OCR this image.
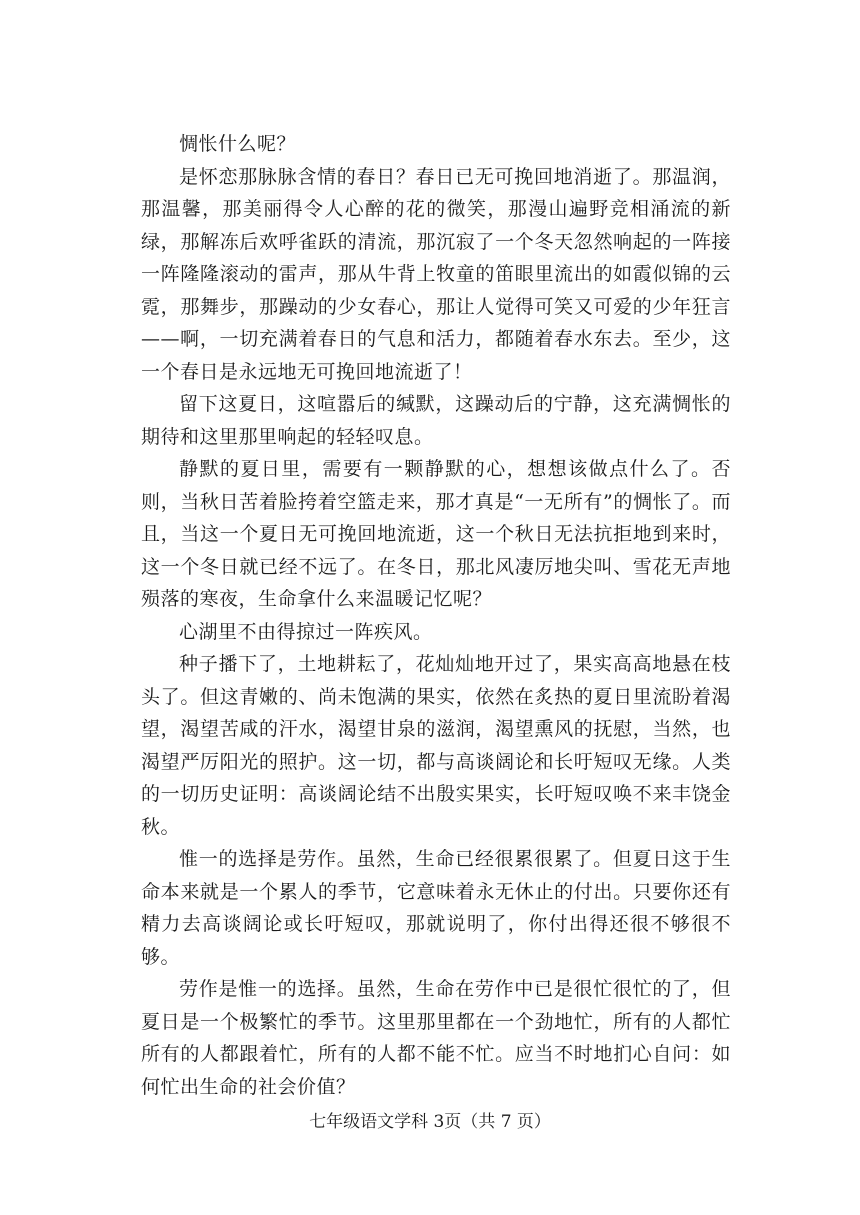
惆怅什么呢？

是怀恋那脉脉含情的春日？春日已无可挽回地消逝了。那温润，那温馨，那美丽得令人心醉的花的微笑，那漫山遍野竞相涌流的新绿，那解冻后欢呼雀跃的清流，那沉寂了一个冬天忽然响起的一阵接一阵隆隆滚动的雷声，那从牛背上牧童的笛眼里流出的如霞似锦的云霓，那舞步，那躁动的少女春心，那让人觉得可笑又可爱的少年狂言——啊，一切充满着春日的气息和活力，都随着春水东去。至少，这一个春日是永远地无可挽回地流逝了！

留下这夏日，这喧嚣后的缄默，这躁动后的宁静，这充满惆怅的期待和这里那里响起的轻轻叹息。

静默的夏日里，需要有一颗静默的心，想想该做点什么了。否则，当秋日苦着脸挎着空篮走来，那才真是“一无所有”的惆怅了。而且，当这一个夏日无可挽回地流逝，这一个秋日无法抗拒地到来时，这一个冬日就已经不远了。在冬日，那北风凄厉地尖叫、雪花无声地殒落的寒夜，生命拿什么来温暖记忆呢？

心湖里不由得掠过一阵疾风。

种子播下了，土地耕耘了，花灿灿地开过了，果实高高地悬在枝头了。但这青嫩的、尚未饱满的果实，依然在炙热的夏日里流盼着渴望，渴望苦咸的汗水，渴望甘泉的滋润，渴望熏风的抚慰，当然，也渴望严厉阳光的照护。这一切，都与高谈阔论和长吁短叹无缘。人类的一切历史证明：高谈阔论结不出殷实果实，长吁短叹唤不来丰饶金秋。

惟一的选择是劳作。虽然，生命已经很累很累了。但夏日这于生命本来就是一个累人的季节，它意味着永无休止的付出。只要你还有精力去高谈阔论或长吁短叹，那就说明了，你付出得还很不够很不够。

劳作是惟一的选择。虽然，生命在劳作中已是很忙很忙的了，但夏日是一个极繁忙的季节。这里那里都在一个劲地忙，所有的人都忙所有的人都跟着忙，所有的人都不能不忙。应当不时地扪心自问：如何忙出生命的社会价值？

七年级语文学科 3页（共 7 页）
